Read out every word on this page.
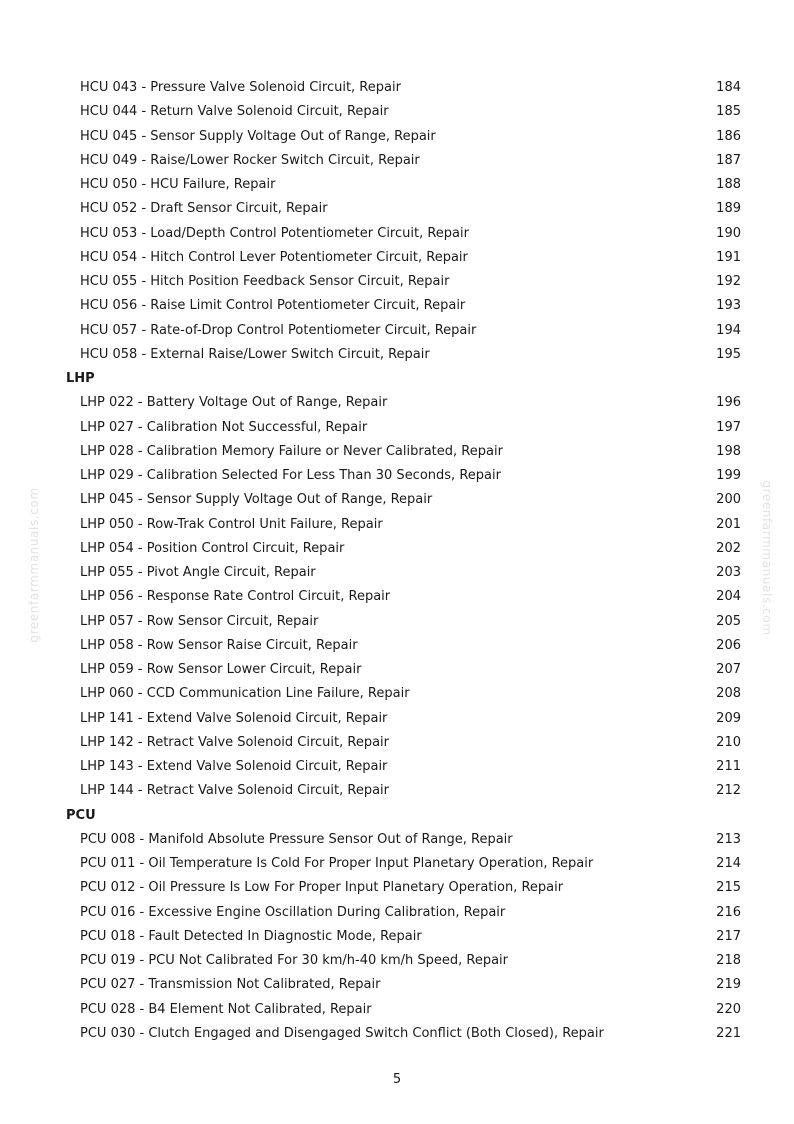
greenfarmmanuals.com	greenfarmmanuals.com
HCU 043 - Pressure Valve Solenoid Circuit, Repair	184
HCU 044 - Return Valve Solenoid Circuit, Repair	185
HCU 045 - Sensor Supply Voltage Out of Range, Repair	186
HCU 049 - Raise/Lower Rocker Switch Circuit, Repair	187
HCU 050 - HCU Failure, Repair	188
HCU 052 - Draft Sensor Circuit, Repair	189
HCU 053 - Load/Depth Control Potentiometer Circuit, Repair	190
HCU 054 - Hitch Control Lever Potentiometer Circuit, Repair	191
HCU 055 - Hitch Position Feedback Sensor Circuit, Repair	192
HCU 056 - Raise Limit Control Potentiometer Circuit, Repair	193
HCU 057 - Rate-of-Drop Control Potentiometer Circuit, Repair	194
HCU 058 - External Raise/Lower Switch Circuit, Repair	195
LHP
LHP 022 - Battery Voltage Out of Range, Repair	196
LHP 027 - Calibration Not Successful, Repair	197
LHP 028 - Calibration Memory Failure or Never Calibrated, Repair	198
LHP 029 - Calibration Selected For Less Than 30 Seconds, Repair	199
LHP 045 - Sensor Supply Voltage Out of Range, Repair	200
LHP 050 - Row-Trak Control Unit Failure, Repair	201
LHP 054 - Position Control Circuit, Repair	202
LHP 055 - Pivot Angle Circuit, Repair	203
LHP 056 - Response Rate Control Circuit, Repair	204
LHP 057 - Row Sensor Circuit, Repair	205
LHP 058 - Row Sensor Raise Circuit, Repair	206
LHP 059 - Row Sensor Lower Circuit, Repair	207
LHP 060 - CCD Communication Line Failure, Repair	208
LHP 141 - Extend Valve Solenoid Circuit, Repair	209
LHP 142 - Retract Valve Solenoid Circuit, Repair	210
LHP 143 - Extend Valve Solenoid Circuit, Repair	211
LHP 144 - Retract Valve Solenoid Circuit, Repair	212
PCU
PCU 008 - Manifold Absolute Pressure Sensor Out of Range, Repair	213
PCU 011 - Oil Temperature Is Cold For Proper Input Planetary Operation, Repair	214
PCU 012 - Oil Pressure Is Low For Proper Input Planetary Operation, Repair	215
PCU 016 - Excessive Engine Oscillation During Calibration, Repair	216
PCU 018 - Fault Detected In Diagnostic Mode, Repair	217
PCU 019 - PCU Not Calibrated For 30 km/h-40 km/h Speed, Repair	218
PCU 027 - Transmission Not Calibrated, Repair	219
PCU 028 - B4 Element Not Calibrated, Repair	220
PCU 030 - Clutch Engaged and Disengaged Switch Conflict (Both Closed), Repair	221
5
